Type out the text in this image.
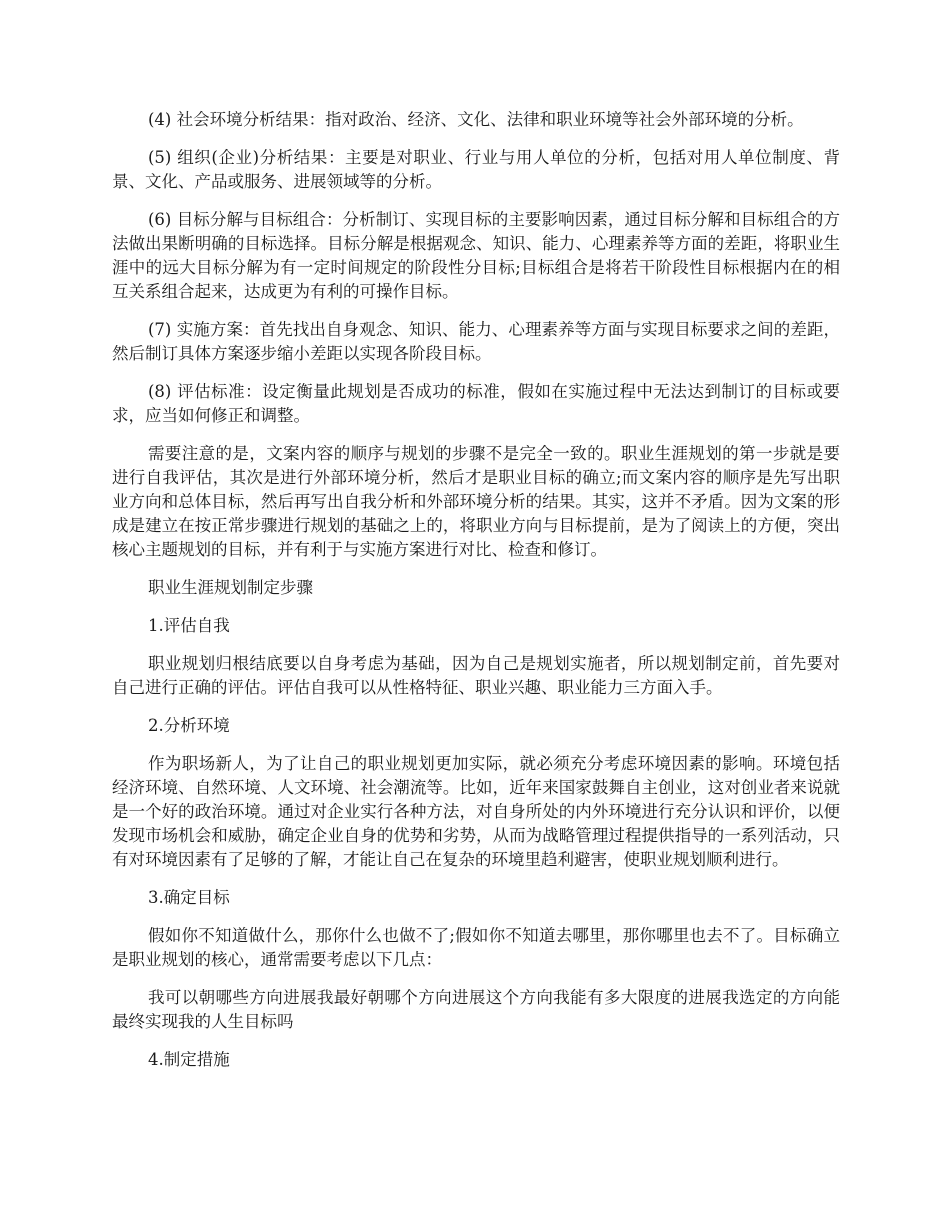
(4) 社会环境分析结果：指对政治、经济、文化、法律和职业环境等社会外部环境的分析。

(5) 组织(企业)分析结果：主要是对职业、行业与用人单位的分析，包括对用人单位制度、背景、文化、产品或服务、进展领域等的分析。

(6) 目标分解与目标组合：分析制订、实现目标的主要影响因素，通过目标分解和目标组合的方法做出果断明确的目标选择。目标分解是根据观念、知识、能力、心理素养等方面的差距，将职业生涯中的远大目标分解为有一定时间规定的阶段性分目标;目标组合是将若干阶段性目标根据内在的相互关系组合起来，达成更为有利的可操作目标。

(7) 实施方案：首先找出自身观念、知识、能力、心理素养等方面与实现目标要求之间的差距，然后制订具体方案逐步缩小差距以实现各阶段目标。

(8) 评估标准：设定衡量此规划是否成功的标准，假如在实施过程中无法达到制订的目标或要求，应当如何修正和调整。

需要注意的是，文案内容的顺序与规划的步骤不是完全一致的。职业生涯规划的第一步就是要进行自我评估，其次是进行外部环境分析，然后才是职业目标的确立;而文案内容的顺序是先写出职业方向和总体目标，然后再写出自我分析和外部环境分析的结果。其实，这并不矛盾。因为文案的形成是建立在按正常步骤进行规划的基础之上的，将职业方向与目标提前，是为了阅读上的方便，突出核心主题规划的目标，并有利于与实施方案进行对比、检查和修订。

职业生涯规划制定步骤

1.评估自我

职业规划归根结底要以自身考虑为基础，因为自己是规划实施者，所以规划制定前，首先要对自己进行正确的评估。评估自我可以从性格特征、职业兴趣、职业能力三方面入手。

2.分析环境

作为职场新人，为了让自己的职业规划更加实际，就必须充分考虑环境因素的影响。环境包括经济环境、自然环境、人文环境、社会潮流等。比如，近年来国家鼓舞自主创业，这对创业者来说就是一个好的政治环境。通过对企业实行各种方法，对自身所处的内外环境进行充分认识和评价，以便发现市场机会和威胁，确定企业自身的优势和劣势，从而为战略管理过程提供指导的一系列活动，只有对环境因素有了足够的了解，才能让自己在复杂的环境里趋利避害，使职业规划顺利进行。

3.确定目标

假如你不知道做什么，那你什么也做不了;假如你不知道去哪里，那你哪里也去不了。目标确立是职业规划的核心，通常需要考虑以下几点：

我可以朝哪些方向进展我最好朝哪个方向进展这个方向我能有多大限度的进展我选定的方向能最终实现我的人生目标吗

4.制定措施
